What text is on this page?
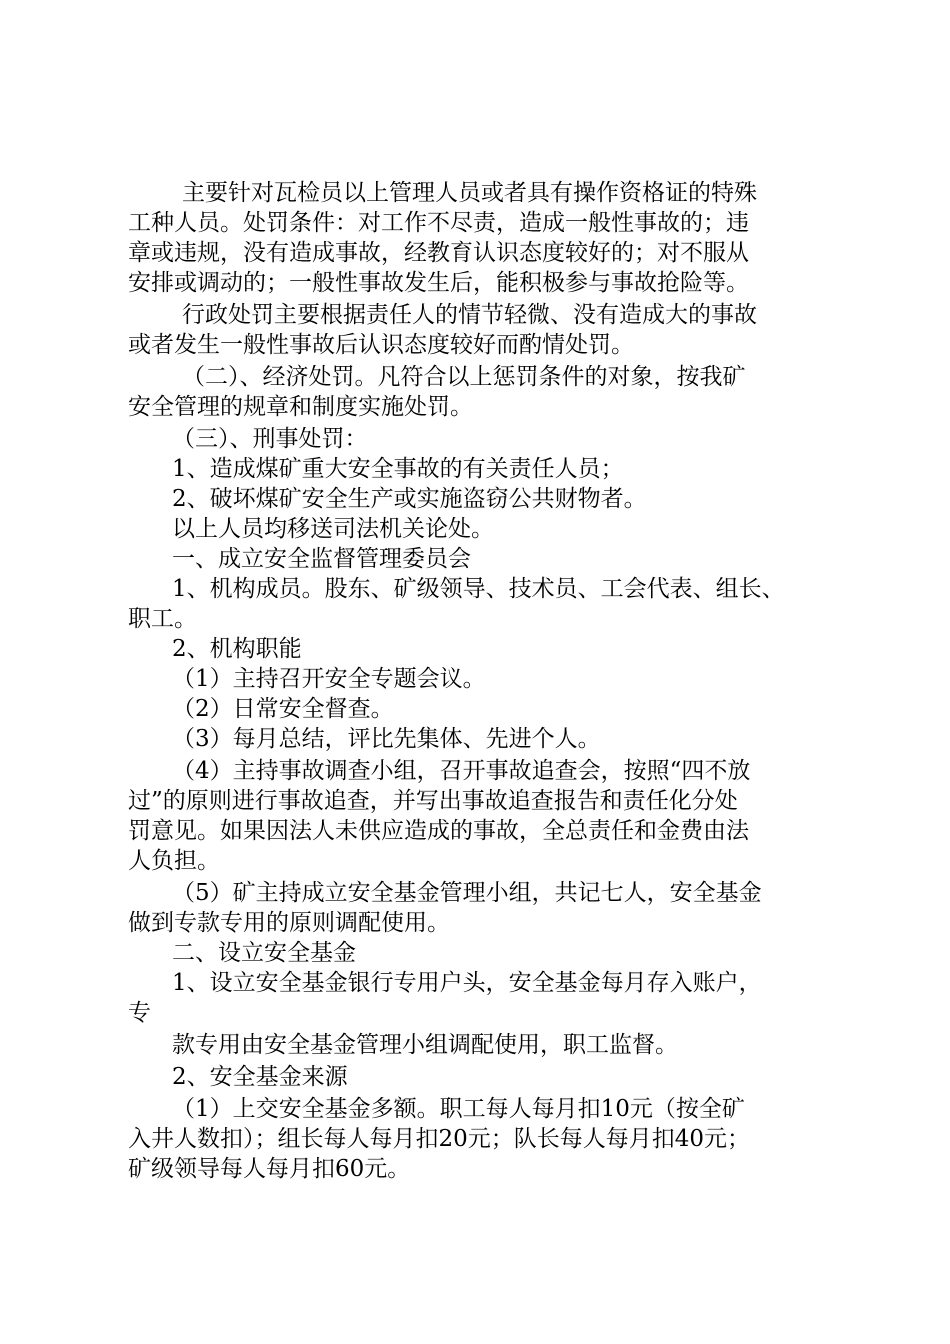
主要针对瓦检员以上管理人员或者具有操作资格证的特殊
工种人员。处罚条件：对工作不尽责，造成一般性事故的；违
章或违规，没有造成事故，经教育认识态度较好的；对不服从
安排或调动的；一般性事故发生后，能积极参与事故抢险等。
行政处罚主要根据责任人的情节轻微、没有造成大的事故
或者发生一般性事故后认识态度较好而酌情处罚。
（二）、经济处罚。凡符合以上惩罚条件的对象，按我矿
安全管理的规章和制度实施处罚。
（三）、刑事处罚：
1、造成煤矿重大安全事故的有关责任人员；
2、破坏煤矿安全生产或实施盗窃公共财物者。
以上人员均移送司法机关论处。
一、成立安全监督管理委员会
1、机构成员。股东、矿级领导、技术员、工会代表、组长、
职工。
2、机构职能
（1）主持召开安全专题会议。
（2）日常安全督查。
（3）每月总结，评比先集体、先进个人。
（4）主持事故调查小组，召开事故追查会，按照“四不放
过”的原则进行事故追查，并写出事故追查报告和责任化分处
罚意见。如果因法人未供应造成的事故，全总责任和金费由法
人负担。
（5）矿主持成立安全基金管理小组，共记七人，安全基金
做到专款专用的原则调配使用。
二、设立安全基金
1、设立安全基金银行专用户头，安全基金每月存入账户，
专
款专用由安全基金管理小组调配使用，职工监督。
2、安全基金来源
（1）上交安全基金多额。职工每人每月扣10元（按全矿
入井人数扣）；组长每人每月扣20元；队长每人每月扣40元；
矿级领导每人每月扣60元。
